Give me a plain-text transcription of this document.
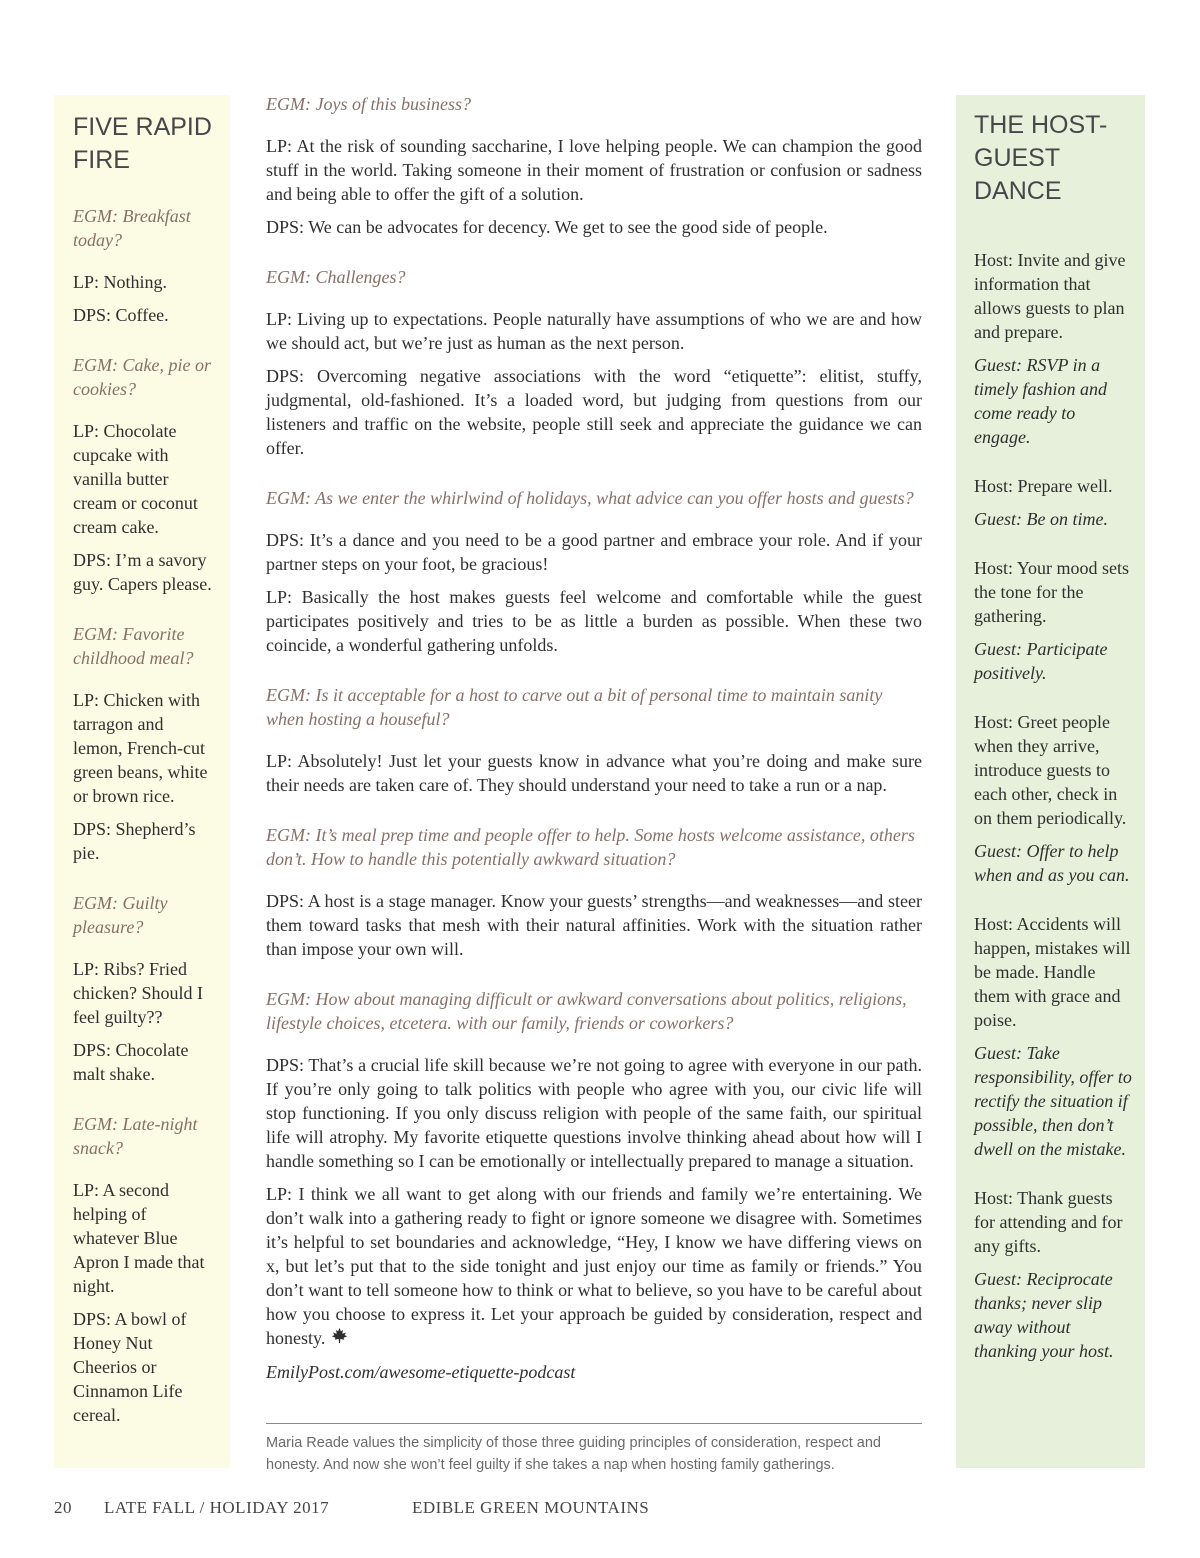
FIVE RAPID FIRE

EGM: Breakfast today?

LP: Nothing.

DPS: Coffee.

EGM: Cake, pie or cookies?

LP: Chocolate cupcake with vanilla butter cream or coconut cream cake.

DPS: I’m a savory guy. Capers please.

EGM: Favorite childhood meal?

LP: Chicken with tarragon and lemon, French-cut green beans, white or brown rice.

DPS: Shepherd’s pie.

EGM: Guilty pleasure?

LP: Ribs? Fried chicken? Should I feel guilty??

DPS: Chocolate malt shake.

EGM: Late-night snack?

LP: A second helping of whatever Blue Apron I made that night.

DPS: A bowl of Honey Nut Cheerios or Cinnamon Life cereal.

EGM: Joys of this business?

LP: At the risk of sounding saccharine, I love helping people. We can champion the good stuff in the world. Taking someone in their moment of frustration or confusion or sadness and being able to offer the gift of a solution.

DPS: We can be advocates for decency. We get to see the good side of people.

EGM: Challenges?

LP: Living up to expectations. People naturally have assumptions of who we are and how we should act, but we’re just as human as the next person.

DPS: Overcoming negative associations with the word “etiquette”: elitist, stuffy, judgmental, old-fashioned. It’s a loaded word, but judging from questions from our listeners and traffic on the website, people still seek and appreciate the guidance we can offer.

EGM: As we enter the whirlwind of holidays, what advice can you offer hosts and guests?

DPS: It’s a dance and you need to be a good partner and embrace your role. And if your partner steps on your foot, be gracious!

LP: Basically the host makes guests feel welcome and comfortable while the guest participates positively and tries to be as little a burden as possible. When these two coincide, a wonderful gathering unfolds.

EGM: Is it acceptable for a host to carve out a bit of personal time to maintain sanity when hosting a houseful?

LP: Absolutely! Just let your guests know in advance what you’re doing and make sure their needs are taken care of. They should understand your need to take a run or a nap.

EGM: It’s meal prep time and people offer to help. Some hosts welcome assistance, others don’t. How to handle this potentially awkward situation?

DPS: A host is a stage manager. Know your guests’ strengths—and weaknesses—and steer them toward tasks that mesh with their natural affinities. Work with the situation rather than impose your own will.

EGM: How about managing difficult or awkward conversations about politics, religions, lifestyle choices, etcetera. with our family, friends or coworkers?

DPS: That’s a crucial life skill because we’re not going to agree with everyone in our path. If you’re only going to talk politics with people who agree with you, our civic life will stop functioning. If you only discuss religion with people of the same faith, our spiritual life will atrophy. My favorite etiquette questions involve thinking ahead about how will I handle something so I can be emotionally or intellectually prepared to manage a situation.

LP: I think we all want to get along with our friends and family we’re entertaining. We don’t walk into a gathering ready to fight or ignore someone we disagree with. Sometimes it’s helpful to set boundaries and acknowledge, “Hey, I know we have differing views on x, but let’s put that to the side tonight and just enjoy our time as family or friends.” You don’t want to tell someone how to think or what to believe, so you have to be careful about how you choose to express it. Let your approach be guided by consideration, respect and honesty.

EmilyPost.com/awesome-etiquette-podcast

Maria Reade values the simplicity of those three guiding principles of consideration, respect and honesty. And now she won’t feel guilty if she takes a nap when hosting family gatherings.

THE HOST-GUEST DANCE

Host: Invite and give information that allows guests to plan and prepare.

Guest: RSVP in a timely fashion and come ready to engage.

Host: Prepare well.

Guest: Be on time.

Host: Your mood sets the tone for the gathering.

Guest: Participate positively.

Host: Greet people when they arrive, introduce guests to each other, check in on them periodically.

Guest: Offer to help when and as you can.

Host: Accidents will happen, mistakes will be made. Handle them with grace and poise.

Guest: Take responsibility, offer to rectify the situation if possible, then don’t dwell on the mistake.

Host: Thank guests for attending and for any gifts.

Guest: Reciprocate thanks; never slip away without thanking your host.

20 LATE FALL / HOLIDAY 2017	EDIBLE GREEN MOUNTAINS
